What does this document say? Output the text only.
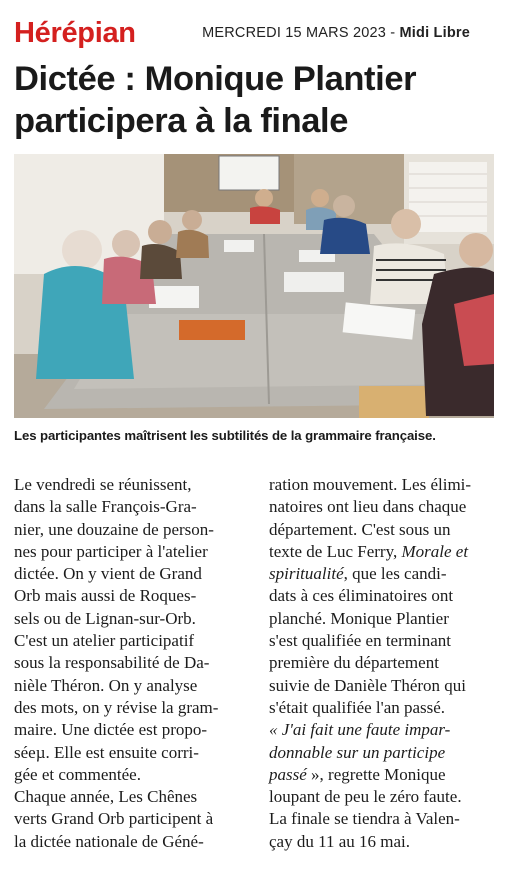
Hérépian	MERCREDI 15 MARS 2023 - Midi Libre
Dictée : Monique Plantier
participera à la finale
Les participantes maîtrisent les subtilités de la grammaire française.
Le vendredi se réunissent,
dans la salle François-Gra-
nier, une douzaine de person-
nes pour participer à l'atelier
dictée. On y vient de Grand
Orb mais aussi de Roques-
sels ou de Lignan-sur-Orb.
C'est un atelier participatif
sous la responsabilité de Da-
nièle Théron. On y analyse
des mots, on y révise la gram-
maire. Une dictée est propo-
séeµ. Elle est ensuite corri-
gée et commentée.
Chaque année, Les Chênes
verts Grand Orb participent à
la dictée nationale de Géné-
ration mouvement. Les élimi-
natoires ont lieu dans chaque
département. C'est sous un
texte de Luc Ferry, Morale et
spiritualité, que les candi-
dats à ces éliminatoires ont
planché. Monique Plantier
s'est qualifiée en terminant
première du département
suivie de Danièle Théron qui
s'était qualifiée l'an passé.
« J'ai fait une faute impar-
donnable sur un participe
passé », regrette Monique
loupant de peu le zéro faute.
La finale se tiendra à Valen-
çay du 11 au 16 mai.
